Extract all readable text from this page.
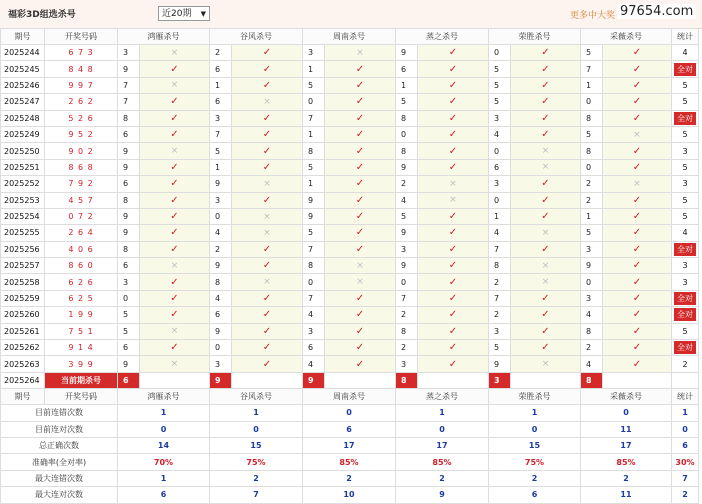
福彩3D组选杀号	近20期 ▼	更多中大奖 97654.com
期号	开奖号码	鸿雁杀号		谷风杀号		周南杀号		蒸之杀号		荣胜杀号		采薇杀号		统计
2025244	6 7 3	3	×	2	✓	3	×	9	✓	0	✓	5	✓	4
2025245	8 4 8	9	✓	6	✓	1	✓	6	✓	5	✓	7	✓	全对
2025246	9 9 7	7	×	1	✓	5	✓	1	✓	5	✓	1	✓	5
2025247	2 6 2	7	✓	6	×	0	✓	5	✓	5	✓	0	✓	5
2025248	5 2 6	8	✓	3	✓	7	✓	8	✓	3	✓	8	✓	全对
2025249	9 5 2	6	✓	7	✓	1	✓	0	✓	4	✓	5	×	5
2025250	9 0 2	9	×	5	✓	8	✓	8	✓	0	×	8	✓	3
2025251	8 6 8	9	✓	1	✓	5	✓	9	✓	6	×	0	✓	5
2025252	7 9 2	6	✓	9	×	1	✓	2	×	3	✓	2	×	3
2025253	4 5 7	8	✓	3	✓	9	✓	4	×	0	✓	2	✓	5
2025254	0 7 2	9	✓	0	×	9	✓	5	✓	1	✓	1	✓	5
2025255	2 6 4	9	✓	4	×	5	✓	9	✓	4	×	5	✓	4
2025256	4 0 6	8	✓	2	✓	7	✓	3	✓	7	✓	3	✓	全对
2025257	8 6 0	6	×	9	✓	8	×	9	✓	8	×	9	✓	3
2025258	6 2 6	3	✓	8	×	0	×	0	✓	2	×	0	✓	3
2025259	6 2 5	0	✓	4	✓	7	✓	7	✓	7	✓	3	✓	全对
2025260	1 9 9	5	✓	6	✓	4	✓	2	✓	2	✓	4	✓	全对
2025261	7 5 1	5	×	9	✓	3	✓	8	✓	3	✓	8	✓	5
2025262	9 1 4	6	✓	0	✓	6	✓	2	✓	5	✓	2	✓	全对
2025263	3 9 9	9	×	3	✓	4	✓	3	✓	9	×	4	✓	2
2025264	当前期杀号	6		9		9		8		3		8		
期号	开奖号码	鸿雁杀号		谷风杀号		周南杀号		蒸之杀号		荣胜杀号		采薇杀号		统计
目前连错次数		1		1		0		1		1		0		1
目前连对次数		0		0		6		0		0		11		0
总正确次数		14		15		17		17		15		17		6
准确率(全对率)		70%		75%		85%		85%		75%		85%		30%
最大连错次数		1		2		2		2		2		2		7
最大连对次数		6		7		10		9		6		11		2
